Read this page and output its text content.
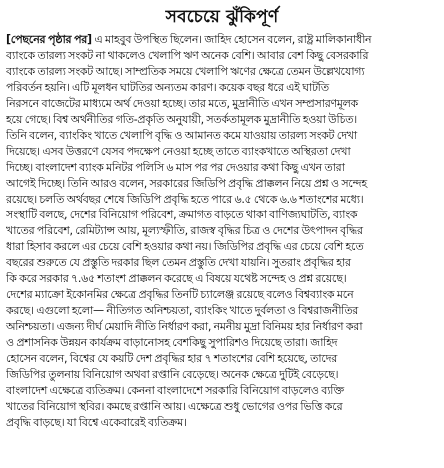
সবচেয়ে ঝুঁকিপূর্ণ
[পেছনের পৃষ্ঠার পর] এ মাহবুব উপস্থিত ছিলেন। জাহিদ হোসেন বলেন, রাষ্ট্র মালিকানাধীন
ব্যাংকে তারল্য সংকট না থাকলেও খেলাপি ঋণ অনেক বেশি। আবার বেশ কিছু বেসরকারি
ব্যাংকে তারল্য সংকট আছে। সাম্প্রতিক সময়ে খেলাপি ঋণের ক্ষেত্রে তেমন উল্লেখযোগ্য
পরিবর্তন হয়নি। এটি মূলধন ঘাটতির অন্যতম কারণ। কয়েক বছর ধরে এই ঘাটতি
নিরসনে বাজেটের মাধ্যমে অর্থ দেওয়া হচ্ছে। তার মতে, মুদ্রানীতি এখন সম্প্রসারণমূলক
হয়ে গেছে। বিশ্ব অর্থনীতির গতি-প্রকৃতি অনুযায়ী, সতর্কতামূলক মুদ্রানীতি হওয়া উচিত।
তিনি বলেন, ব্যাংকিং খাতে খেলাপি বৃদ্ধি ও আমানত কমে যাওয়ায় তারল্য সংকট দেখা
দিয়েছে। এসব উত্তরণে যেসব পদক্ষেপ নেওয়া হচ্ছে তাতে ব্যাংকখাতে অস্থিরতা দেখা
দিচ্ছে। বাংলাদেশ ব্যাংক মনিটর পলিসি ৬ মাস পর পর দেওয়ার কথা কিছু এখন তারা
আগেই দিচ্ছে। তিনি আরও বলেন, সরকারের জিডিপি প্রবৃদ্ধি প্রাক্কলন নিয়ে প্রশ্ন ও সন্দেহ
রয়েছে। চলতি অর্থবছর শেষে জিডিপি প্রবৃদ্ধি হতে পারে ৬.৫ থেকে ৬.৬ শতাংশের মধ্যে।
সংস্থাটি বলছে, দেশের বিনিয়োগ পরিবেশ, ক্রমাগত বাড়তে থাকা বাণিজ্যঘাটতি, ব্যাংক
খাতের পরিবেশ, রেমিট্যান্স আয়, মূল্যস্ফীতি, রাজস্ব বৃদ্ধির চিত্র ও দেশের উৎপাদন বৃদ্ধির
ধারা হিসাব করলে এর চেয়ে বেশি হওয়ার কথা নয়। জিডিপির প্রবৃদ্ধি এর চেয়ে বেশি হতে
বছরের শুরুতে যে প্রস্তুতি দরকার ছিল তেমন প্রস্তুতি দেখা যায়নি। সুতরাং প্রবৃদ্ধির হার
কি করে সরকার ৭.৬৫ শতাংশ প্রাক্কলন করেছে এ বিষয়ে যথেষ্ট সন্দেহ ও প্রশ্ন রয়েছে।
দেশের ম্যাক্রো ইকোনমির ক্ষেত্রে প্রবৃদ্ধির তিনটি চ্যালেঞ্জ রয়েছে বলেও বিশ্বব্যাংক মনে
করছে। এগুলো হলো— নীতিগত অনিশ্চয়তা, ব্যাংকিং খাতে দুর্বলতা ও বিশ্বরাজনীতির
অনিশ্চয়তা। এজন্য দীর্ঘ মেয়াদি নীতি নির্ধারণ করা, নমনীয় মুদ্রা বিনিময় হার নির্ধারণ করা
ও প্রশাসনিক উন্নয়ন কার্যক্রম বাড়ানোসহ বেশকিছু সুপারিশও দিয়েছে তারা। জাহিদ
হোসেন বলেন, বিশ্বের যে কয়টি দেশ প্রবৃদ্ধির হার ৭ শতাংশের বেশি হয়েছে, তাদের
জিডিপির তুলনায় বিনিয়োগ অথবা রপ্তানি বেড়েছে। অনেক ক্ষেত্রে দুটিই বেড়েছে।
বাংলাদেশ এক্ষেত্রে ব্যতিক্রম। কেননা বাংলাদেশে সরকারি বিনিয়োগ বাড়লেও ব্যক্তি
খাতের বিনিয়োগ স্থবির। কমছে রপ্তানি আয়। এক্ষেত্রে শুধু ভোগের ওপর ভিত্তি করে
প্রবৃদ্ধি বাড়ছে। যা বিশ্বে একেবারেই ব্যতিক্রম।
